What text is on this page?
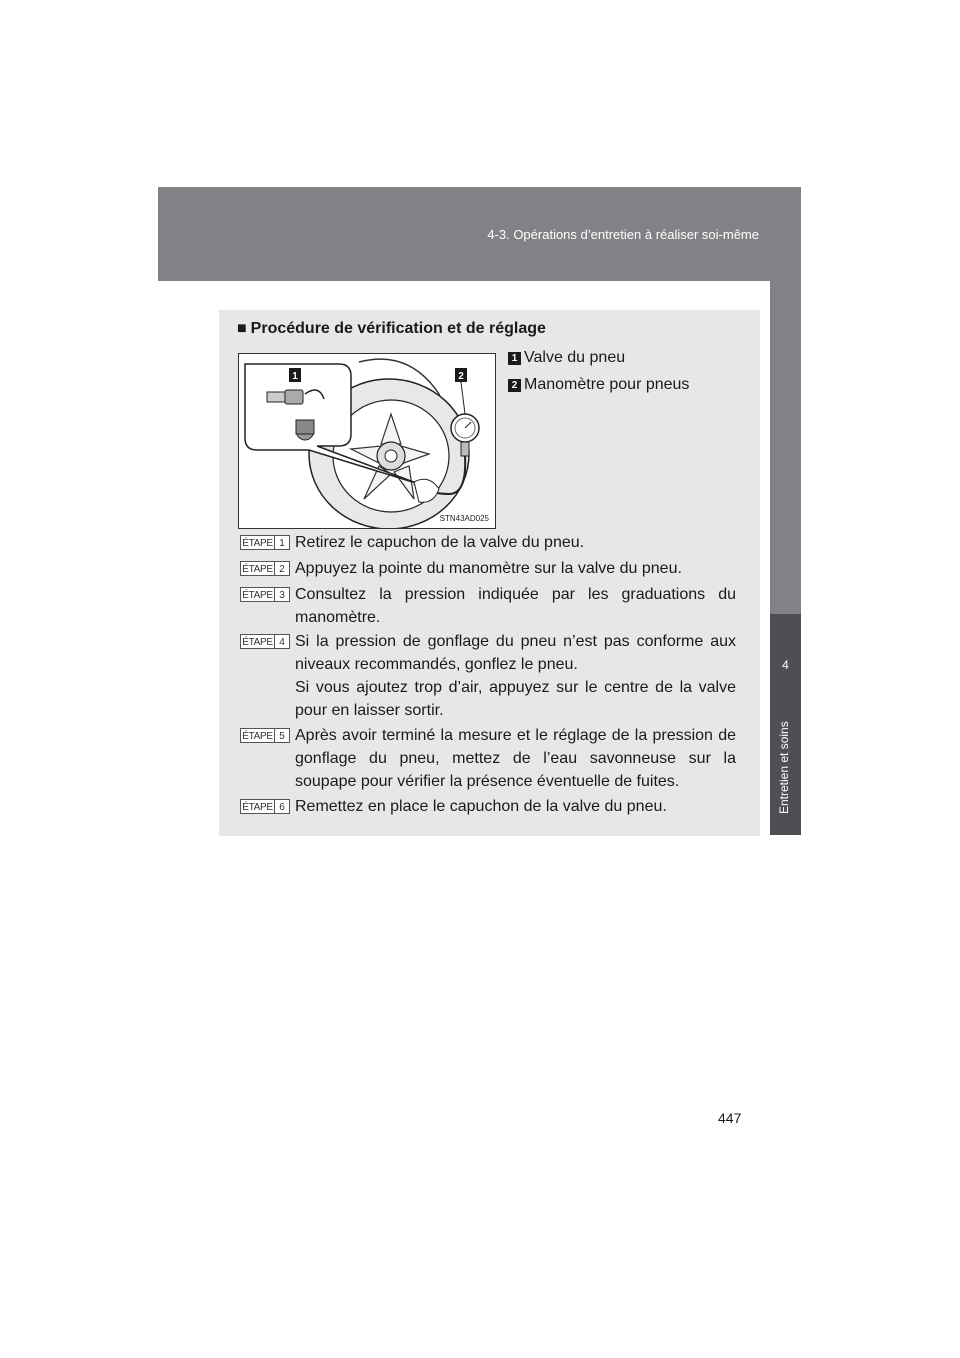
4-3. Opérations d’entretien à réaliser soi-même
4
Entretien et soins
■ Procédure de vérification et de réglage
1	2
STN43AD025
1 Valve du pneu
2 Manomètre pour pneus
ÉTAPE 1 Retirez le capuchon de la valve du pneu.
ÉTAPE 2 Appuyez la pointe du manomètre sur la valve du pneu.
ÉTAPE 3 Consultez la pression indiquée par les graduations du manomètre.
ÉTAPE 4 Si la pression de gonflage du pneu n’est pas conforme aux niveaux recommandés, gonflez le pneu.
Si vous ajoutez trop d’air, appuyez sur le centre de la valve pour en laisser sortir.
ÉTAPE 5 Après avoir terminé la mesure et le réglage de la pression de gonflage du pneu, mettez de l’eau savonneuse sur la soupape pour vérifier la présence éventuelle de fuites.
ÉTAPE 6 Remettez en place le capuchon de la valve du pneu.
447
